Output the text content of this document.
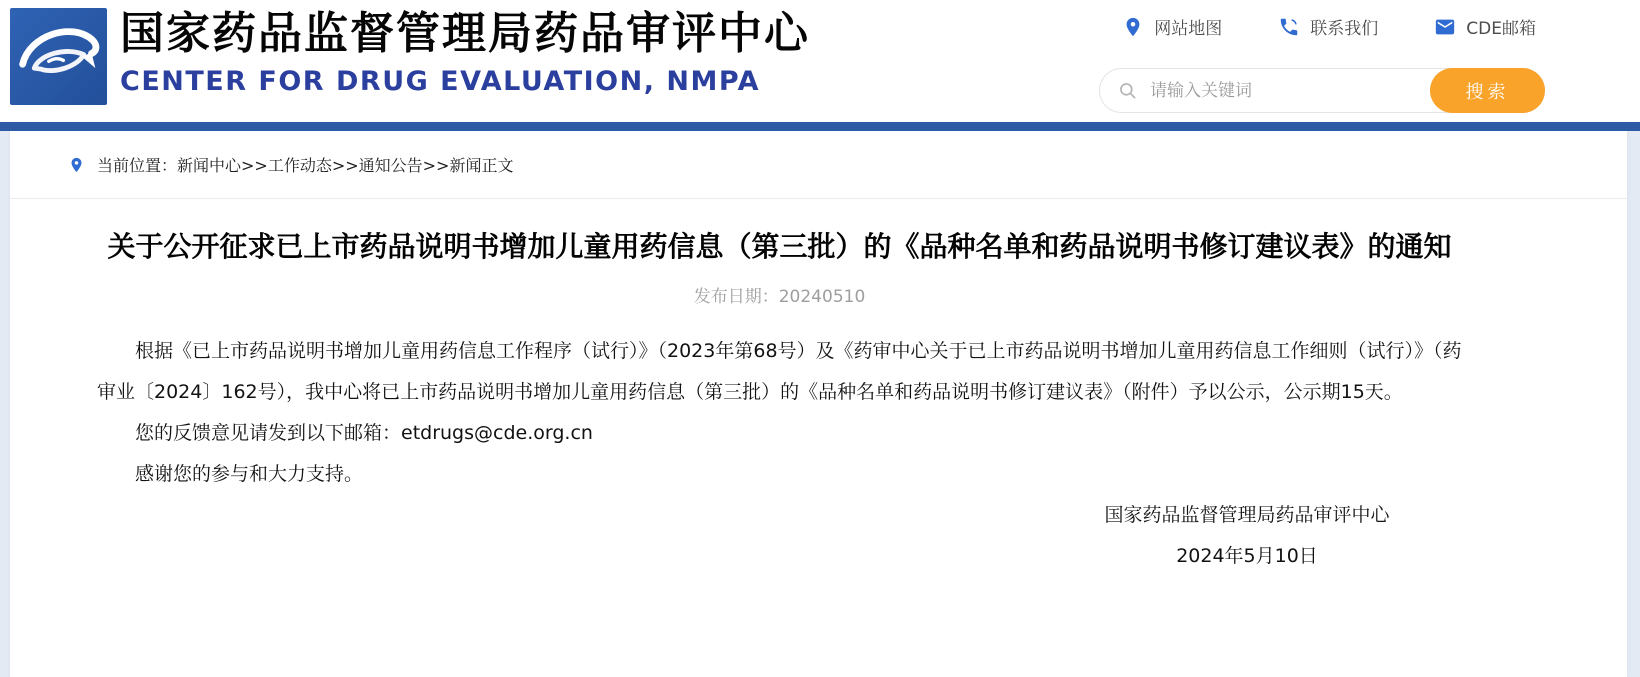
国家药品监督管理局药品审评中心
CENTER FOR DRUG EVALUATION, NMPA
网站地图	联系我们	CDE邮箱
请输入关键词
搜索
当前位置：新闻中心>>工作动态>>通知公告>>新闻正文
关于公开征求已上市药品说明书增加儿童用药信息（第三批）的《品种名单和药品说明书修订建议表》的通知
发布日期：20240510

根据《已上市药品说明书增加儿童用药信息工作程序（试行）》（2023年第68号）及《药审中心关于已上市药品说明书增加儿童用药信息工作细则（试行）》（药审业〔2024〕162号），我中心将已上市药品说明书增加儿童用药信息（第三批）的《品种名单和药品说明书修订建议表》（附件）予以公示，公示期15天。

您的反馈意见请发到以下邮箱：etdrugs@cde.org.cn

感谢您的参与和大力支持。

国家药品监督管理局药品审评中心

2024年5月10日
